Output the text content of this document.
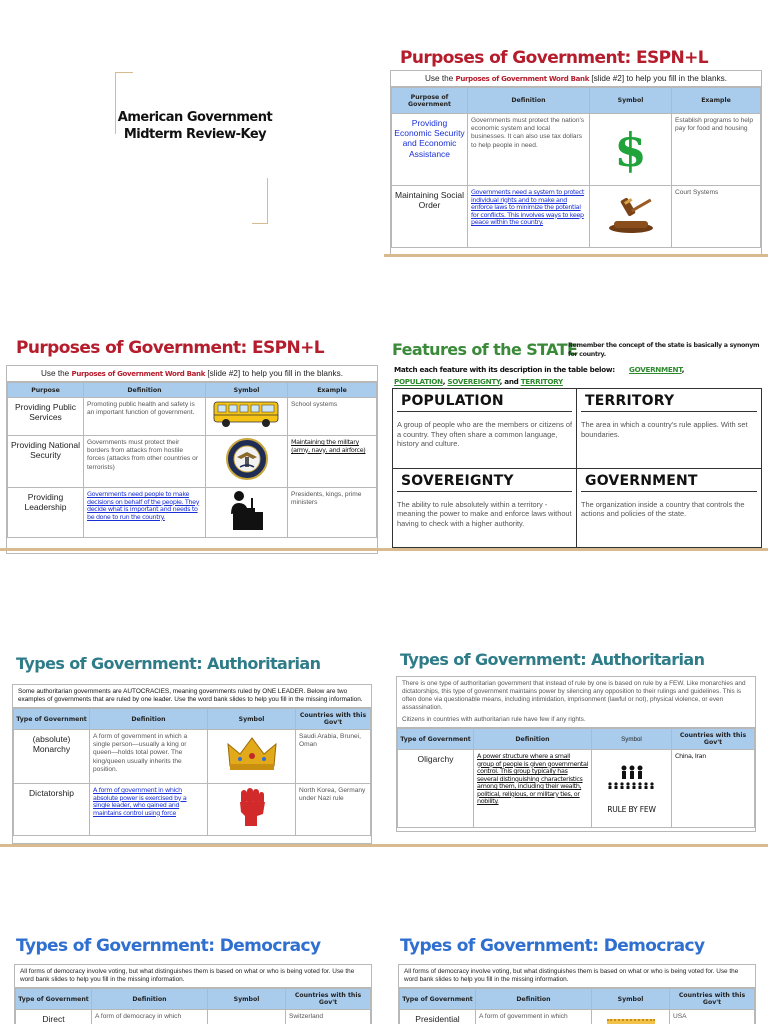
American Government
Midterm Review-Key
Purposes of Government: ESPN+L
Use the Purposes of Government Word Bank [slide #2] to help you fill in the blanks.
Purpose of Government	Definition	Symbol	Example
Providing Economic Security and Economic Assistance	Governments must protect the nation's economic system and local businesses. It can also use tax dollars to help people in need.	$	Establish programs to help pay for food and housing
Maintaining Social Order	Governments need a system to protect individual rights and to make and enforce laws to minimize the potential for conflicts. This involves ways to keep peace within the country.		Court Systems
Purposes of Government: ESPN+L
Use the Purposes of Government Word Bank [slide #2] to help you fill in the blanks.
Purpose	Definition	Symbol	Example
Providing Public Services	Promoting public health and safety is an important function of government.		School systems
Providing National Security	Governments must protect their borders from attacks from hostile forces (attacks from other countries or terrorists)		Maintaining the military (army, navy, and airforce)
Providing Leadership	Governments need people to make decisions on behalf of the people. They decide what is important and needs to be done to run the country.		Presidents, kings, prime ministers
Features of the STATE
Remember the concept of the state is basically a synonym for country.
Match each feature with its description in the table below: GOVERNMENT,
POPULATION, SOVEREIGNTY, and TERRITORY
POPULATION
A group of people who are the members or citizens of a country. They often share a common language, history and culture.
TERRITORY
The area in which a country's rule applies. With set boundaries.
SOVEREIGNTY
The ability to rule absolutely within a territory - meaning the power to make and enforce laws without having to check with a higher authority.
GOVERNMENT
The organization inside a country that controls the actions and policies of the state.
Types of Government: Authoritarian
Some authoritarian governments are AUTOCRACIES, meaning governments ruled by ONE LEADER. Below are two examples of governments that are ruled by one leader. Use the word bank slides to help you fill in the missing information.
Type of Government	Definition	Symbol	Countries with this Gov't
(absolute) Monarchy	A form of government in which a single person—usually a king or queen—holds total power. The king/queen usually inherits the position.		Saudi Arabia, Brunei, Oman
Dictatorship	A form of government in which absolute power is exercised by a single leader, who gained and maintains control using force		North Korea, Germany under Nazi rule
Types of Government: Authoritarian
There is one type of authoritarian government that instead of rule by one is based on rule by a FEW. Like monarchies and dictatorships, this type of government maintains power by silencing any opposition to their rulings and guidelines. This is often done via questionable means, including intimidation, imprisonment (lawful or not), physical violence, or even assassination.
Citizens in countries with authoritarian rule have few if any rights.
Type of Government	Definition	Symbol	Countries with this Gov't
Oligarchy	A power structure where a small group of people is given governmental control. This group typically has several distinguishing characteristics among them, including their wealth, political, religious, or military ties, or nobility.	RULE BY FEW	China, Iran
Types of Government: Democracy
All forms of democracy involve voting, but what distinguishes them is based on what or who is being voted for. Use the word bank slides to help you fill in the missing information.
Type of Government	Definition	Symbol	Countries with this Gov't
Direct	A form of democracy in which		Switzerland
Types of Government: Democracy
All forms of democracy involve voting, but what distinguishes them is based on what or who is being voted for. Use the word bank slides to help you fill in the missing information.
Type of Government	Definition	Symbol	Countries with this Gov't
Presidential	A form of government in which		USA
